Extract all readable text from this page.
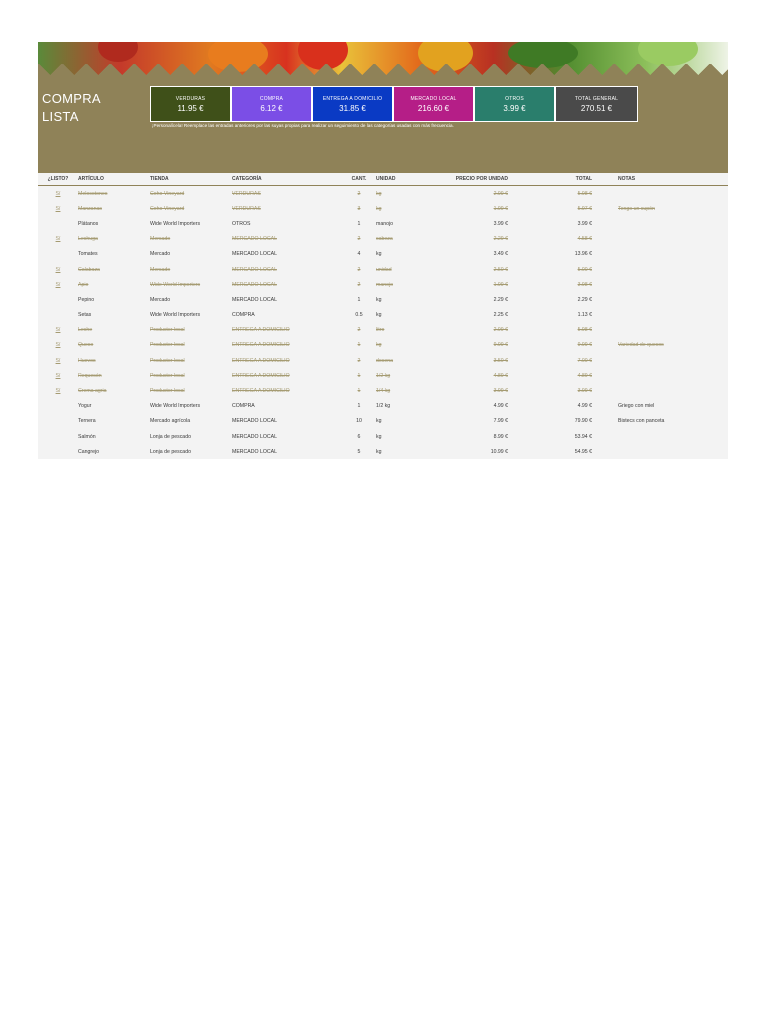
COMPRA
LISTA
VERDURAS
11.95 €
COMPRA
6.12 €
ENTREGA A DOMICILIO
31.85 €
MERCADO LOCAL
216.60 €
OTROS
3.99 €
TOTAL GENERAL
270.51 €
¡Personalícela! Reemplace las entradas anteriores por las suyas propias para realizar un seguimiento de las categorías usadas con más frecuencia.
¿LISTO?	ARTÍCULO	TIENDA	CATEGORÍA	CANT.	UNIDAD	PRECIO POR UNIDAD	TOTAL	NOTAS
Sí	Melocotones	Coho Vineyard	VERDURAS	2	kg	2.99 €	5.98 €	
Sí	Manzanas	Coho Vineyard	VERDURAS	3	kg	1.99 €	5.97 €	Tengo un cupón
	Plátanos	Wide World Importers	OTROS	1	manojo	3.99 €	3.99 €	
Sí	Lechuga	Mercado	MERCADO LOCAL	2	cabeza	2.29 €	4.58 €	
	Tomates	Mercado	MERCADO LOCAL	4	kg	3.49 €	13.96 €	
Sí	Calabaza	Mercado	MERCADO LOCAL	2	unidad	2.50 €	5.00 €	
Sí	Apio	Wide World Importers	MERCADO LOCAL	2	manojo	1.99 €	3.98 €	
	Pepino	Mercado	MERCADO LOCAL	1	kg	2.29 €	2.29 €	
	Setas	Wide World Importers	COMPRA	0.5	kg	2.25 €	1.13 €	
Sí	Leche	Productor local	ENTREGA A DOMICILIO	2	litro	2.99 €	5.98 €	
Sí	Queso	Productor local	ENTREGA A DOMICILIO	1	kg	9.99 €	9.99 €	Variedad de quesos
Sí	Huevos	Productor local	ENTREGA A DOMICILIO	2	docena	3.50 €	7.00 €	
Sí	Requesón	Productor local	ENTREGA A DOMICILIO	1	1/2 kg	4.89 €	4.89 €	
Sí	Crema agria	Productor local	ENTREGA A DOMICILIO	1	1/4 kg	3.99 €	3.99 €	
	Yogur	Wide World Importers	COMPRA	1	1/2 kg	4.99 €	4.99 €	Griego con miel
	Ternera	Mercado agrícola	MERCADO LOCAL	10	kg	7.99 €	79.90 €	Bistecs con panceta
	Salmón	Lonja de pescado	MERCADO LOCAL	6	kg	8.99 €	53.94 €	
	Cangrejo	Lonja de pescado	MERCADO LOCAL	5	kg	10.99 €	54.95 €	
